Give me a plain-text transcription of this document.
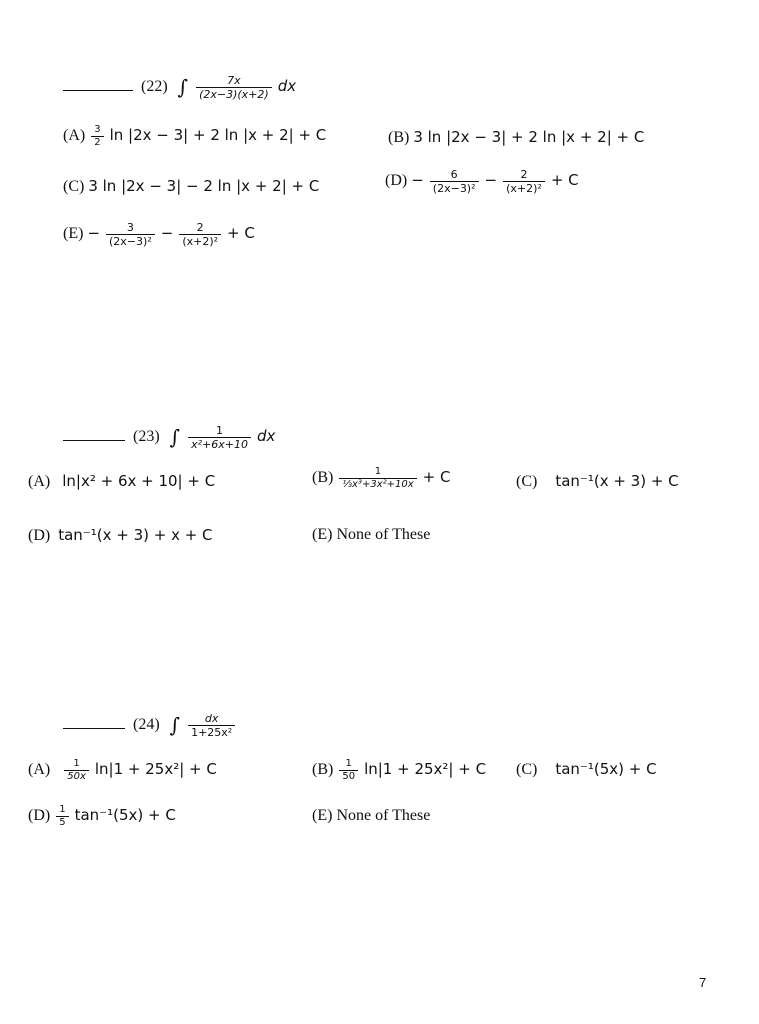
(22) ∫ $\frac{7x}{(2x-3)(x+2)}$ dx
$(A) \frac{3}{2}$ ln |2x − 3| + 2 ln |x + 2| + C	(B) 3 ln |2x − 3| + 2 ln |x + 2| + C
(C) 3 ln |2x − 3| − 2 ln |x + 2| + C	$(D) - \frac{6}{\text{(2x−3)²}} - \frac{2}{\text{(x+2)²}} + C$
$(E) - \frac{3}{\text{(2x−3)²}} - \frac{2}{\text{(x+2)²}} + C$
(23) ∫ $\frac{1}{\text{x²+6x+10}}$ dx
(A) ln|x² + 6x + 10| + C	$(B) \frac{1}{\text{⅓x³+3x²+10x}} + C$	(C) tan⁻¹(x + 3) + C
(D) tan⁻¹(x + 3) + x + C	(E) None of These
(24) ∫ $\frac{dx}{\text{1+25x²}}$
$(A) \frac{1}{50x} \ln|1 + 25x^2| + C$	$(B) \frac{1}{50} \ln|1 + 25x^2| + C$ (C) tan⁻¹(5x) + C
$(D) \frac{1}{5} \tan^{-1}(5x) + C$	(E) None of These
7
